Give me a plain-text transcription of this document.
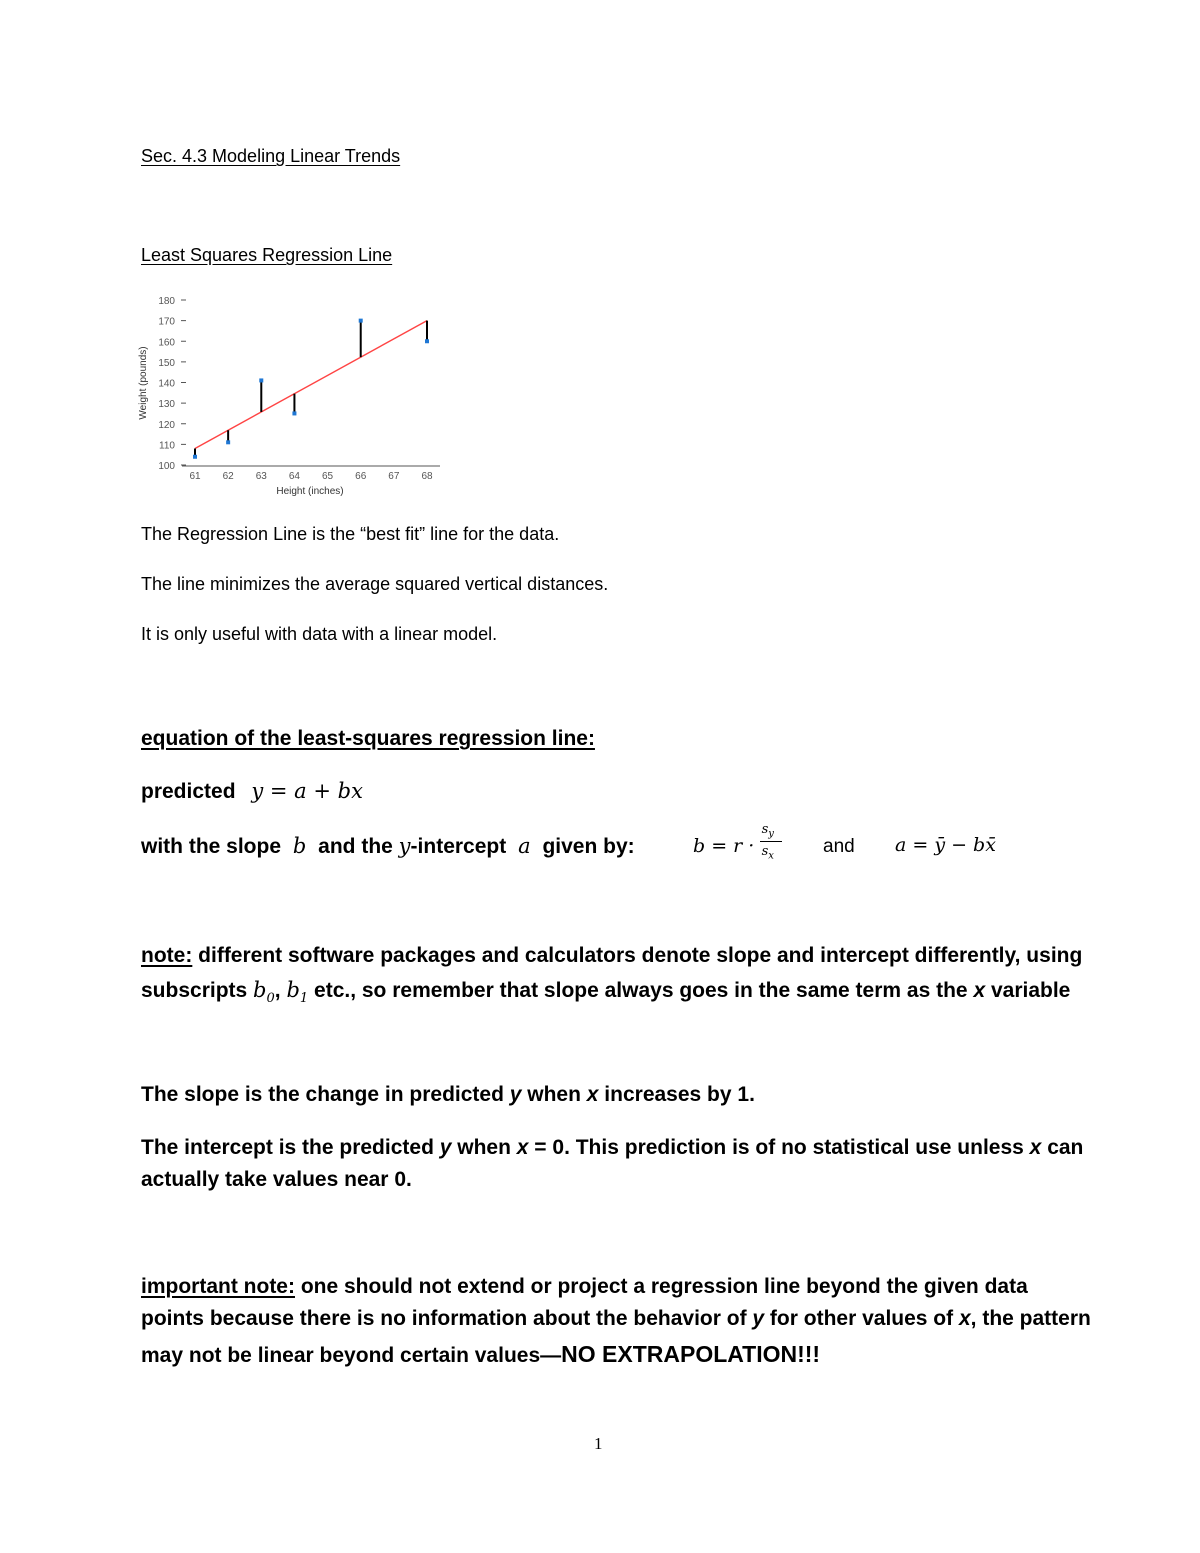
Sec. 4.3 Modeling Linear Trends
Least Squares Regression Line
100
110
120
130
140
150
160
170
180
61 62 63 64 65 66 67 68
Height (inches)
Weight (pounds)
The Regression Line is the “best fit” line for the data.
The line minimizes the average squared vertical distances.
It is only useful with data with a linear model.
equation of the least-squares regression line:
predicted y = a + bx
with the slope b and the y-intercept a given by:	$b = r \cdot \frac{s_y}{s_x}$ and a = ȳ − bx̄
note: different software packages and calculators denote slope and intercept differently, using
subscripts $b_0$, $b_1$ etc., so remember that slope always goes in the same term as the x variable
The slope is the change in predicted y when x increases by 1.
The intercept is the predicted y when x = 0. This prediction is of no statistical use unless x can
actually take values near 0.
important note: one should not extend or project a regression line beyond the given data
points because there is no information about the behavior of y for other values of x, the pattern
may not be linear beyond certain values—NO EXTRAPOLATION!!!
1
